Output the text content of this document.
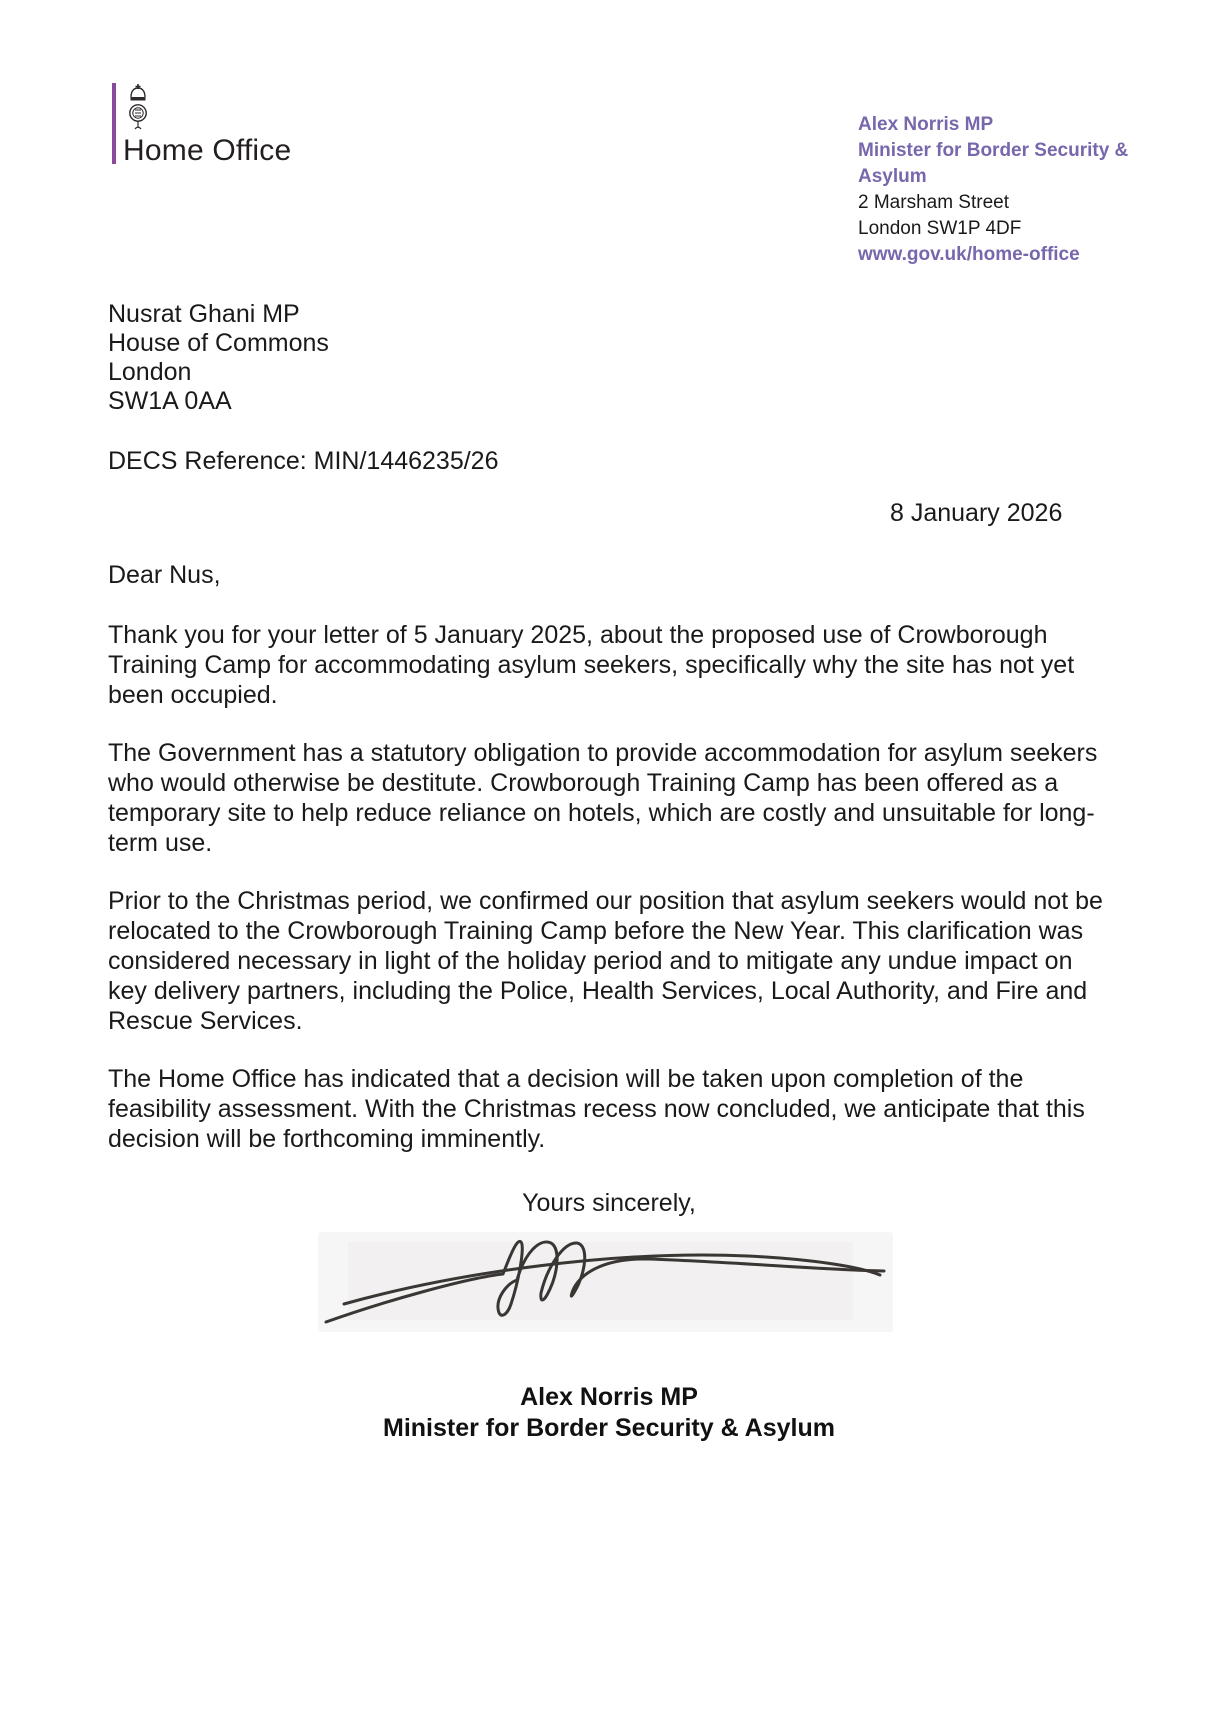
Home Office
Alex Norris MP
Minister for Border Security & Asylum
2 Marsham Street
London SW1P 4DF
www.gov.uk/home-office
Nusrat Ghani MP
House of Commons
London
SW1A 0AA
DECS Reference: MIN/1446235/26
8 January 2026
Dear Nus,

Thank you for your letter of 5 January 2025, about the proposed use of Crowborough Training Camp for accommodating asylum seekers, specifically why the site has not yet been occupied.

The Government has a statutory obligation to provide accommodation for asylum seekers who would otherwise be destitute. Crowborough Training Camp has been offered as a temporary site to help reduce reliance on hotels, which are costly and unsuitable for long-term use.

Prior to the Christmas period, we confirmed our position that asylum seekers would not be relocated to the Crowborough Training Camp before the New Year. This clarification was considered necessary in light of the holiday period and to mitigate any undue impact on key delivery partners, including the Police, Health Services, Local Authority, and Fire and Rescue Services.

The Home Office has indicated that a decision will be taken upon completion of the feasibility assessment. With the Christmas recess now concluded, we anticipate that this decision will be forthcoming imminently.

Yours sincerely,
Alex Norris MP
Minister for Border Security & Asylum
